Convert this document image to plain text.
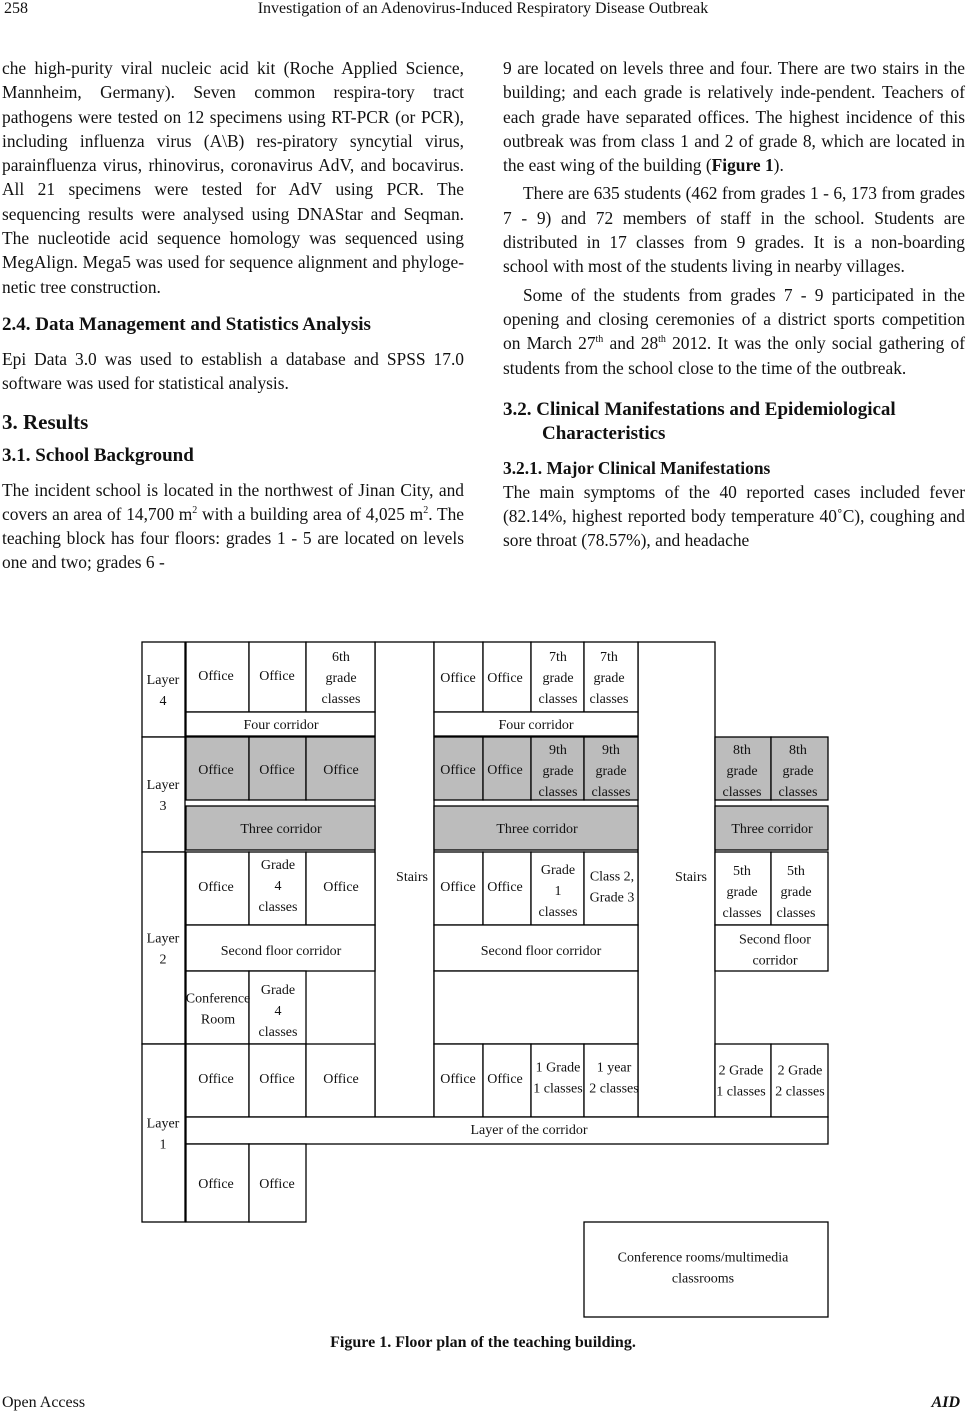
258	Investigation of an Adenovirus-Induced Respiratory Disease Outbreak

che high-purity viral nucleic acid kit (Roche Applied Science, Mannheim, Germany). Seven common respira-tory tract pathogens were tested on 12 specimens using RT-PCR (or PCR), including influenza virus (A\B) res-piratory syncytial virus, parainfluenza virus, rhinovirus, coronavirus AdV, and bocavirus. All 21 specimens were tested for AdV using PCR. The sequencing results were analysed using DNAStar and Seqman. The nucleotide acid sequence homology was sequenced using MegAlign. Mega5 was used for sequence alignment and phyloge-netic tree construction.

2.4. Data Management and Statistics Analysis

Epi Data 3.0 was used to establish a database and SPSS 17.0 software was used for statistical analysis.

3. Results
3.1. School Background

The incident school is located in the northwest of Jinan City, and covers an area of 14,700 $m^2$ with a building area of 4,025 $m^2$. The teaching block has four floors: grades 1 - 5 are located on levels one and two; grades 6 -

9 are located on levels three and four. There are two stairs in the building; and each grade is relatively inde-pendent. Teachers of each grade have separated offices. The highest incidence of this outbreak was from class 1 and 2 of grade 8, which are located in the east wing of the building (Figure 1).

There are 635 students (462 from grades 1 - 6, 173 from grades 7 - 9) and 72 members of staff in the school. Students are distributed in 17 classes from 9 grades. It is a non-boarding school with most of the students living in nearby villages.

Some of the students from grades 7 - 9 participated in the opening and closing ceremonies of a district sports competition on March 27th and 28th 2012. It was the only social gathering of students from the school close to the time of the outbreak.

3.2. Clinical Manifestations and Epidemiological
Characteristics
3.2.1. Major Clinical Manifestations

The main symptoms of the 40 reported cases included fever (82.14%, highest reported body temperature 40˚C), coughing and sore throat (78.57%), and headache

Layer
4
Layer
3
Layer
2
Layer
1
Stairs	Stairs
Office Office
6th
grade
classes
Four corridor
Office Office
7th
grade
classes
7th
grade
classes
Four corridor
Office Office Office
Three corridor
Office Office
9th
grade
classes
9th
grade
classes
Three corridor
8th
grade
classes
8th
grade
classes
Three corridor
Office
Grade
4
classes
Office
Second floor corridor
Conference
Room
Grade
4
classes
Office Office
Grade
1
classes
Class 2,
Grade 3
Second floor corridor
5th
grade
classes
5th
grade
classes
Second floor
corridor
Office Office Office	Office Office
1 Grade
1 classes
1 year
2 classes
2 Grade
1 classes
2 Grade
2 classes
Layer of the corridor
Office Office
Conference rooms/multimedia
classrooms
Figure 1. Floor plan of the teaching building.
Open Access	AID
